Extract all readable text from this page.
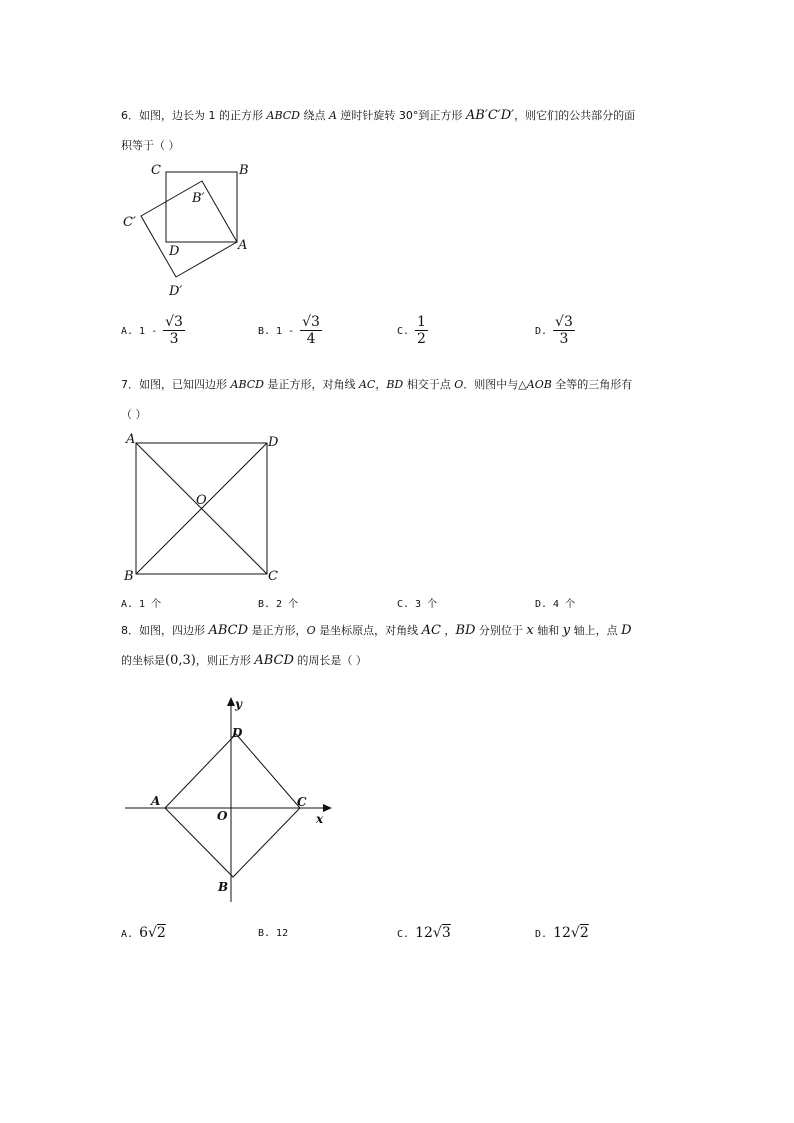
6．如图，边长为 1 的正方形 ABCD 绕点 A 逆时针旋转 30°到正方形 AB′C′D′，则它们的公共部分的面
积等于（ ）
C	B
B′
C′
D	A
D′
A. $1 - \frac{√3}{3}$	B. $1 - \frac{√3}{4}$	C. $\frac{1}{2}$	D. $\frac{√3}{3}$
7．如图，已知四边形 ABCD 是正方形，对角线 AC，BD 相交于点 O．则图中与△AOB 全等的三角形有
（ ）
A	D
O
B	C
A. 1 个	B. 2 个	C. 3 个	D. 4 个
8．如图，四边形 ABCD 是正方形，O 是坐标原点，对角线 AC ，BD 分别位于 x 轴和 y 轴上，点 D
的坐标是(0,3)，则正方形 ABCD 的周长是（ ）
y
D
A
O
C
x
B
A. 6√2	B. 12	C. 12√3	D. 12√2
